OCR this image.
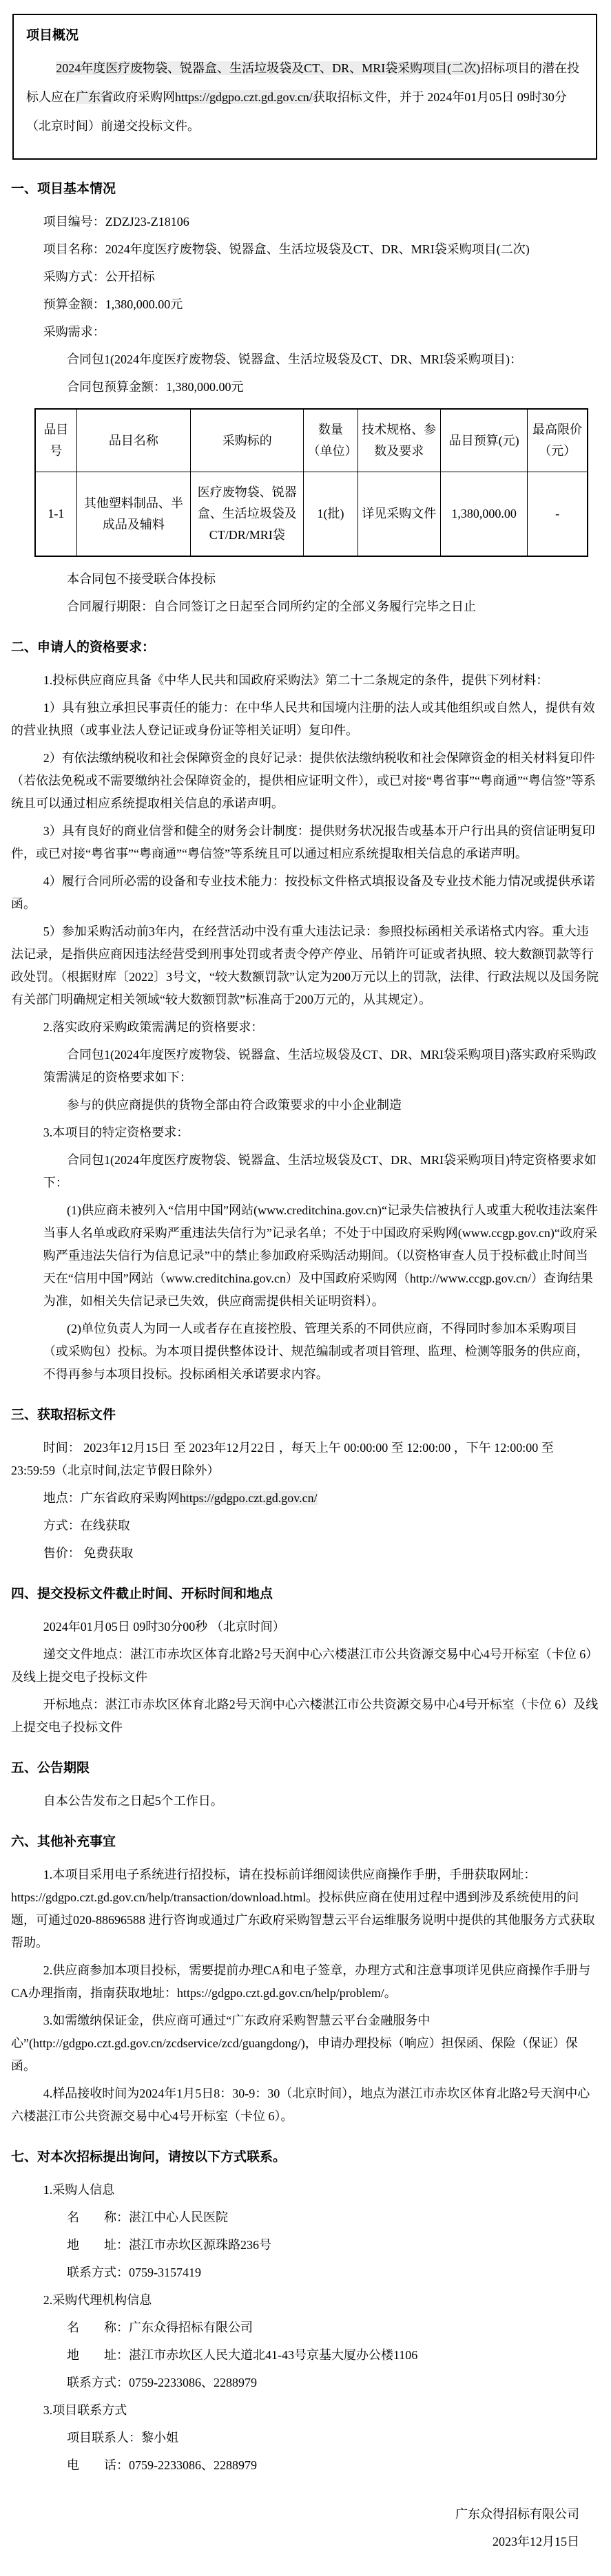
项目概况

2024年度医疗废物袋、锐器盒、生活垃圾袋及CT、DR、MRI袋采购项目(二次)招标项目的潜在投标人应在广东省政府采购网https://gdgpo.czt.gd.gov.cn/获取招标文件，并于 2024年01月05日 09时30分 （北京时间）前递交投标文件。

一、项目基本情况

项目编号：ZDZJ23-Z18106

项目名称：2024年度医疗废物袋、锐器盒、生活垃圾袋及CT、DR、MRI袋采购项目(二次)

采购方式：公开招标

预算金额：1,380,000.00元

采购需求：

合同包1(2024年度医疗废物袋、锐器盒、生活垃圾袋及CT、DR、MRI袋采购项目)：

合同包预算金额：1,380,000.00元

品目号	品目名称	采购标的	数量（单位）	技术规格、参数及要求	品目预算(元)	最高限价（元）
1-1	其他塑料制品、半成品及辅料	医疗废物袋、锐器盒、生活垃圾袋及CT/DR/MRI袋	1(批)	详见采购文件	1,380,000.00	-

本合同包不接受联合体投标

合同履行期限：自合同签订之日起至合同所约定的全部义务履行完毕之日止

二、申请人的资格要求：

1.投标供应商应具备《中华人民共和国政府采购法》第二十二条规定的条件，提供下列材料：

1）具有独立承担民事责任的能力：在中华人民共和国境内注册的法人或其他组织或自然人，提供有效的营业执照（或事业法人登记证或身份证等相关证明）复印件。

2）有依法缴纳税收和社会保障资金的良好记录：提供依法缴纳税收和社会保障资金的相关材料复印件（若依法免税或不需要缴纳社会保障资金的，提供相应证明文件），或已对接“粤省事”“粤商通”“粤信签”等系统且可以通过相应系统提取相关信息的承诺声明。

3）具有良好的商业信誉和健全的财务会计制度：提供财务状况报告或基本开户行出具的资信证明复印件，或已对接“粤省事”“粤商通”“粤信签”等系统且可以通过相应系统提取相关信息的承诺声明。

4）履行合同所必需的设备和专业技术能力：按投标文件格式填报设备及专业技术能力情况或提供承诺函。

5）参加采购活动前3年内，在经营活动中没有重大违法记录：参照投标函相关承诺格式内容。重大违法记录，是指供应商因违法经营受到刑事处罚或者责令停产停业、吊销许可证或者执照、较大数额罚款等行政处罚。（根据财库〔2022〕3号文，“较大数额罚款”认定为200万元以上的罚款，法律、行政法规以及国务院有关部门明确规定相关领域“较大数额罚款”标准高于200万元的，从其规定）。

2.落实政府采购政策需满足的资格要求：

合同包1(2024年度医疗废物袋、锐器盒、生活垃圾袋及CT、DR、MRI袋采购项目)落实政府采购政策需满足的资格要求如下：

参与的供应商提供的货物全部由符合政策要求的中小企业制造

3.本项目的特定资格要求：

合同包1(2024年度医疗废物袋、锐器盒、生活垃圾袋及CT、DR、MRI袋采购项目)特定资格要求如下：

(1)供应商未被列入“信用中国”网站(www.creditchina.gov.cn)“记录失信被执行人或重大税收违法案件当事人名单或政府采购严重违法失信行为”记录名单；不处于中国政府采购网(www.ccgp.gov.cn)“政府采购严重违法失信行为信息记录”中的禁止参加政府采购活动期间。（以资格审查人员于投标截止时间当天在“信用中国”网站（www.creditchina.gov.cn）及中国政府采购网（http://www.ccgp.gov.cn/）查询结果为准，如相关失信记录已失效，供应商需提供相关证明资料）。

(2)单位负责人为同一人或者存在直接控股、管理关系的不同供应商，不得同时参加本采购项目（或采购包）投标。为本项目提供整体设计、规范编制或者项目管理、监理、检测等服务的供应商，不得再参与本项目投标。投标函相关承诺要求内容。

三、获取招标文件

时间： 2023年12月15日 至 2023年12月22日 ，每天上午 00:00:00 至 12:00:00 ，下午 12:00:00 至 23:59:59（北京时间,法定节假日除外）

地点：广东省政府采购网https://gdgpo.czt.gd.gov.cn/

方式：在线获取

售价： 免费获取

四、提交投标文件截止时间、开标时间和地点

2024年01月05日 09时30分00秒 （北京时间）

递交文件地点：湛江市赤坎区体育北路2号天润中心六楼湛江市公共资源交易中心4号开标室（卡位 6）及线上提交电子投标文件

开标地点：湛江市赤坎区体育北路2号天润中心六楼湛江市公共资源交易中心4号开标室（卡位 6）及线上提交电子投标文件

五、公告期限

自本公告发布之日起5个工作日。

六、其他补充事宜

1.本项目采用电子系统进行招投标，请在投标前详细阅读供应商操作手册，手册获取网址：https://gdgpo.czt.gd.gov.cn/help/transaction/download.html。投标供应商在使用过程中遇到涉及系统使用的问题，可通过020-88696588 进行咨询或通过广东政府采购智慧云平台运维服务说明中提供的其他服务方式获取帮助。

2.供应商参加本项目投标，需要提前办理CA和电子签章，办理方式和注意事项详见供应商操作手册与CA办理指南，指南获取地址：https://gdgpo.czt.gd.gov.cn/help/problem/。

3.如需缴纳保证金，供应商可通过“广东政府采购智慧云平台金融服务中心”(http://gdgpo.czt.gd.gov.cn/zcdservice/zcd/guangdong/)，申请办理投标（响应）担保函、保险（保证）保函。

4.样品接收时间为2024年1月5日8：30-9：30（北京时间），地点为湛江市赤坎区体育北路2号天润中心六楼湛江市公共资源交易中心4号开标室（卡位 6）。

七、对本次招标提出询问，请按以下方式联系。

1.采购人信息

名　　称：湛江中心人民医院

地　　址：湛江市赤坎区源珠路236号

联系方式：0759-3157419

2.采购代理机构信息

名　　称：广东众得招标有限公司

地　　址：湛江市赤坎区人民大道北41-43号京基大厦办公楼1106

联系方式：0759-2233086、2288979

3.项目联系方式

项目联系人：黎小姐

电　　话：0759-2233086、2288979

广东众得招标有限公司
2023年12月15日
